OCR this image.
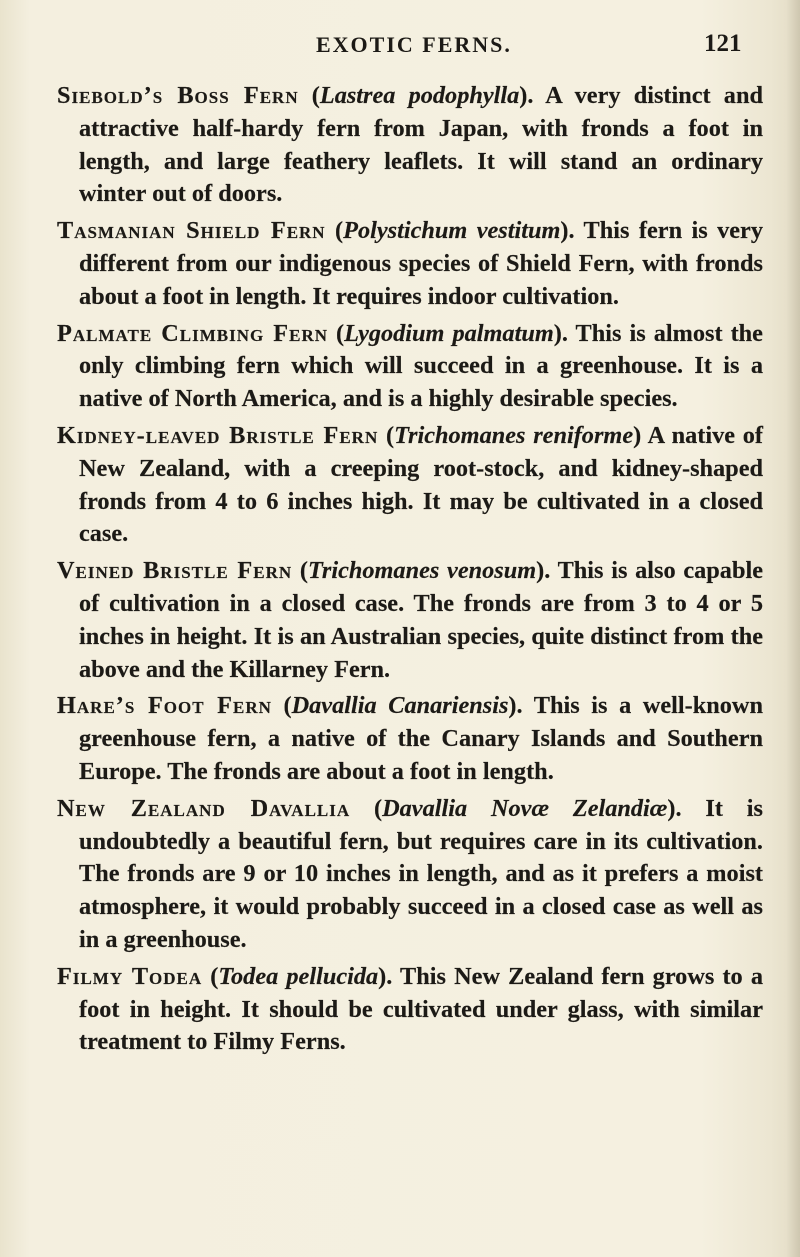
EXOTIC FERNS.	121

Siebold’s Boss Fern (Lastrea podophylla). A very distinct and attractive half-hardy fern from Japan, with fronds a foot in length, and large feathery leaflets. It will stand an ordinary winter out of doors.

Tasmanian Shield Fern (Polystichum vestitum). This fern is very different from our indigenous species of Shield Fern, with fronds about a foot in length. It requires indoor cultivation.

Palmate Climbing Fern (Lygodium palmatum). This is almost the only climbing fern which will succeed in a greenhouse. It is a native of North America, and is a highly desirable species.

Kidney-leaved Bristle Fern (Trichomanes reniforme) A native of New Zealand, with a creeping root-stock, and kidney-shaped fronds from 4 to 6 inches high. It may be cultivated in a closed case.

Veined Bristle Fern (Trichomanes venosum). This is also capable of cultivation in a closed case. The fronds are from 3 to 4 or 5 inches in height. It is an Australian species, quite distinct from the above and the Killarney Fern.

Hare’s Foot Fern (Davallia Canariensis). This is a well-known greenhouse fern, a native of the Canary Islands and Southern Europe. The fronds are about a foot in length.

New Zealand Davallia (Davallia Novæ Zelandiæ). It is undoubtedly a beautiful fern, but requires care in its cultivation. The fronds are 9 or 10 inches in length, and as it prefers a moist atmosphere, it would probably succeed in a closed case as well as in a greenhouse.

Filmy Todea (Todea pellucida). This New Zealand fern grows to a foot in height. It should be cultivated under glass, with similar treatment to Filmy Ferns.
